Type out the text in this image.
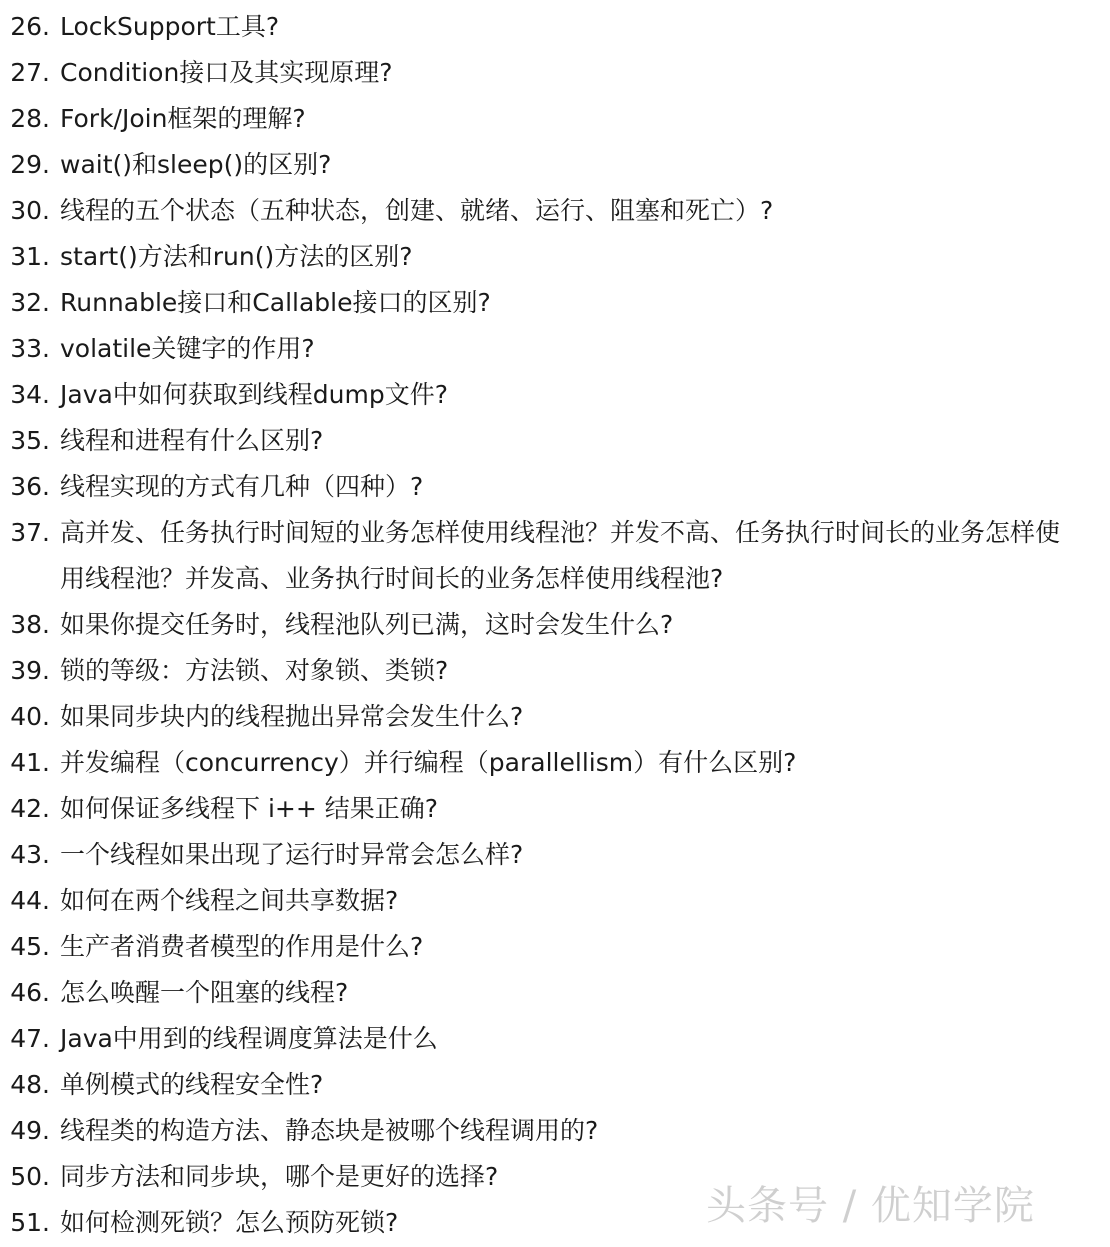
26. LockSupport工具?
27. Condition接口及其实现原理?
28. Fork/Join框架的理解?
29. wait()和sleep()的区别?
30. 线程的五个状态（五种状态，创建、就绪、运行、阻塞和死亡）?
31. start()方法和run()方法的区别?
32. Runnable接口和Callable接口的区别?
33. volatile关键字的作用?
34. Java中如何获取到线程dump文件?
35. 线程和进程有什么区别?
36. 线程实现的方式有几种（四种）?
37. 高并发、任务执行时间短的业务怎样使用线程池？并发不高、任务执行时间长的业务怎样使用线程池？并发高、业务执行时间长的业务怎样使用线程池?
38. 如果你提交任务时，线程池队列已满，这时会发生什么?
39. 锁的等级：方法锁、对象锁、类锁?
40. 如果同步块内的线程抛出异常会发生什么?
41. 并发编程（concurrency）并行编程（parallellism）有什么区别?
42. 如何保证多线程下 i++ 结果正确?
43. 一个线程如果出现了运行时异常会怎么样?
44. 如何在两个线程之间共享数据?
45. 生产者消费者模型的作用是什么?
46. 怎么唤醒一个阻塞的线程?
47. Java中用到的线程调度算法是什么
48. 单例模式的线程安全性?
49. 线程类的构造方法、静态块是被哪个线程调用的?
50. 同步方法和同步块，哪个是更好的选择?
51. 如何检测死锁？怎么预防死锁?	头条号 / 优知学院
